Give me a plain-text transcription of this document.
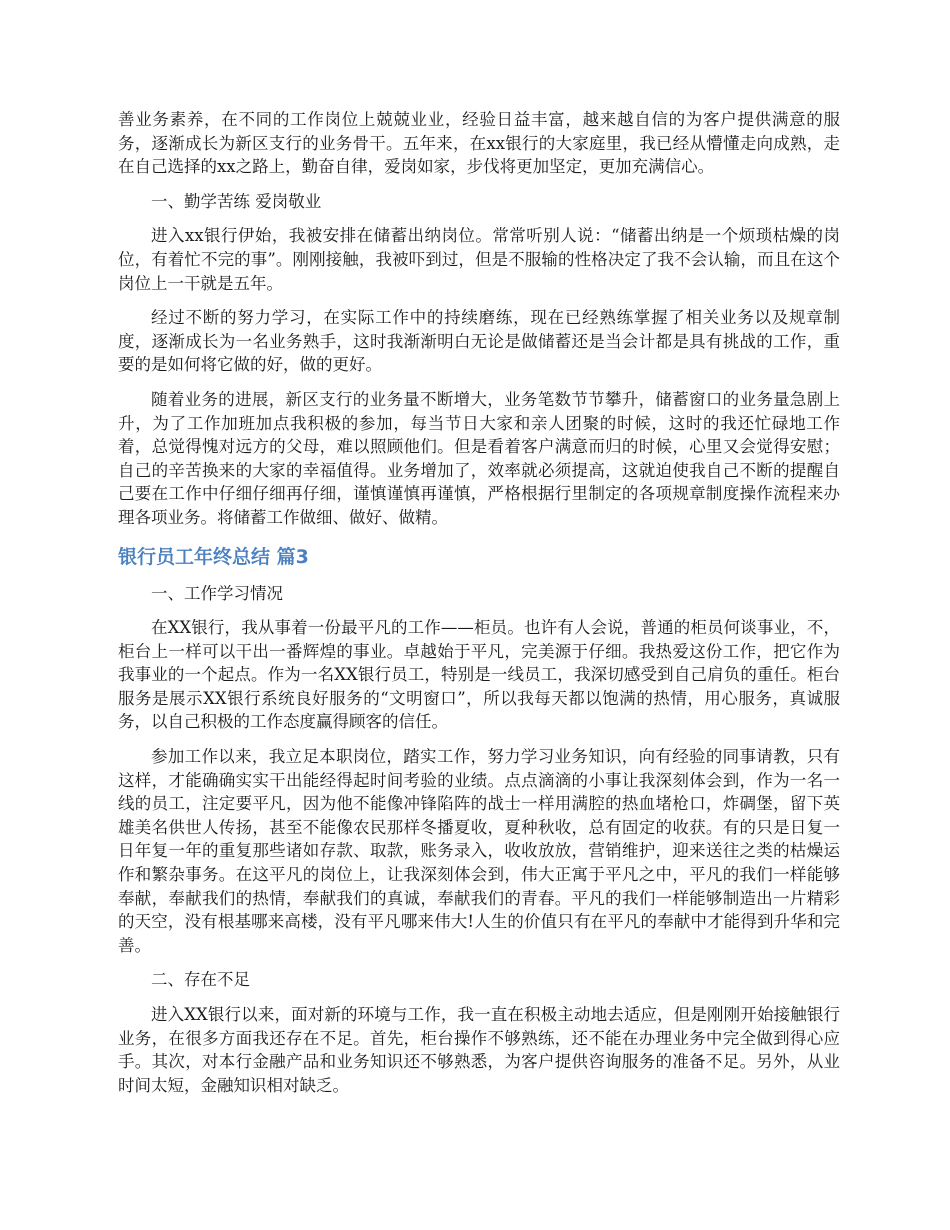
善业务素养，在不同的工作岗位上兢兢业业，经验日益丰富，越来越自信的为客户提供满意的服务，逐渐成长为新区支行的业务骨干。五年来，在xx银行的大家庭里，我已经从懵懂走向成熟，走在自己选择的xx之路上，勤奋自律，爱岗如家，步伐将更加坚定，更加充满信心。

一、勤学苦练 爱岗敬业

进入xx银行伊始，我被安排在储蓄出纳岗位。常常听别人说：“储蓄出纳是一个烦琐枯燥的岗位，有着忙不完的事”。刚刚接触，我被吓到过，但是不服输的性格决定了我不会认输，而且在这个岗位上一干就是五年。

经过不断的努力学习，在实际工作中的持续磨练，现在已经熟练掌握了相关业务以及规章制度，逐渐成长为一名业务熟手，这时我渐渐明白无论是做储蓄还是当会计都是具有挑战的工作，重要的是如何将它做的好，做的更好。

随着业务的进展，新区支行的业务量不断增大，业务笔数节节攀升，储蓄窗口的业务量急剧上升，为了工作加班加点我积极的参加，每当节日大家和亲人团聚的时候，这时的我还忙碌地工作着，总觉得愧对远方的父母，难以照顾他们。但是看着客户满意而归的时候，心里又会觉得安慰；自己的辛苦换来的大家的幸福值得。业务增加了，效率就必须提高，这就迫使我自己不断的提醒自己要在工作中仔细仔细再仔细，谨慎谨慎再谨慎，严格根据行里制定的各项规章制度操作流程来办理各项业务。将储蓄工作做细、做好、做精。

银行员工年终总结 篇3

一、工作学习情况

在XX银行，我从事着一份最平凡的工作——柜员。也许有人会说，普通的柜员何谈事业，不，柜台上一样可以干出一番辉煌的事业。卓越始于平凡，完美源于仔细。我热爱这份工作，把它作为我事业的一个起点。作为一名XX银行员工，特别是一线员工，我深切感受到自己肩负的重任。柜台服务是展示XX银行系统良好服务的“文明窗口”，所以我每天都以饱满的热情，用心服务，真诚服务，以自己积极的工作态度赢得顾客的信任。

参加工作以来，我立足本职岗位，踏实工作，努力学习业务知识，向有经验的同事请教，只有这样，才能确确实实干出能经得起时间考验的业绩。点点滴滴的小事让我深刻体会到，作为一名一线的员工，注定要平凡，因为他不能像冲锋陷阵的战士一样用满腔的热血堵枪口，炸碉堡，留下英雄美名供世人传扬，甚至不能像农民那样冬播夏收，夏种秋收，总有固定的收获。有的只是日复一日年复一年的重复那些诸如存款、取款，账务录入，收收放放，营销维护，迎来送往之类的枯燥运作和繁杂事务。在这平凡的岗位上，让我深刻体会到，伟大正寓于平凡之中，平凡的我们一样能够奉献，奉献我们的热情，奉献我们的真诚，奉献我们的青春。平凡的我们一样能够制造出一片精彩的天空，没有根基哪来高楼，没有平凡哪来伟大!人生的价值只有在平凡的奉献中才能得到升华和完善。

二、存在不足

进入XX银行以来，面对新的环境与工作，我一直在积极主动地去适应，但是刚刚开始接触银行业务，在很多方面我还存在不足。首先，柜台操作不够熟练，还不能在办理业务中完全做到得心应手。其次，对本行金融产品和业务知识还不够熟悉，为客户提供咨询服务的准备不足。另外，从业时间太短，金融知识相对缺乏。
